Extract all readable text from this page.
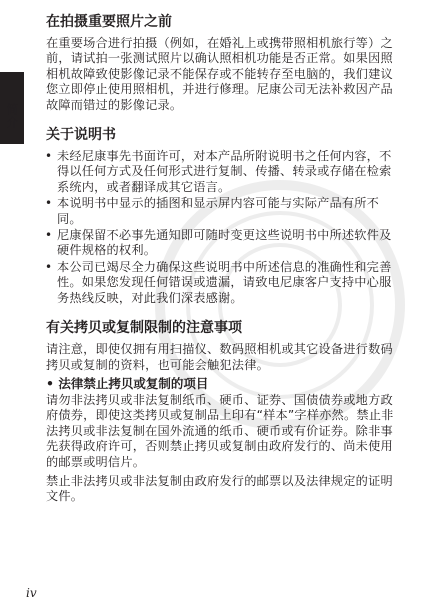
简介
在拍摄重要照片之前

在重要场合进行拍摄（例如，在婚礼上或携带照相机旅行等）之前，请试拍一张测试照片以确认照相机功能是否正常。如果因照相机故障致使影像记录不能保存或不能转存至电脑的，我们建议您立即停止使用照相机，并进行修理。尼康公司无法补救因产品故障而错过的影像记录。

关于说明书
• 未经尼康事先书面许可，对本产品所附说明书之任何内容，不得以任何方式及任何形式进行复制、传播、转录或存储在检索系统内，或者翻译成其它语言。
• 本说明书中显示的插图和显示屏内容可能与实际产品有所不同。
• 尼康保留不必事先通知即可随时变更这些说明书中所述软件及硬件规格的权利。
• 本公司已竭尽全力确保这些说明书中所述信息的准确性和完善性。如果您发现任何错误或遗漏，请致电尼康客户支持中心服务热线反映，对此我们深表感谢。
有关拷贝或复制限制的注意事项

请注意，即使仅拥有用扫描仪、数码照相机或其它设备进行数码拷贝或复制的资料，也可能会触犯法律。

• 法律禁止拷贝或复制的项目

请勿非法拷贝或非法复制纸币、硬币、证券、国债债券或地方政府债券，即使这类拷贝或复制品上印有“样本”字样亦然。禁止非法拷贝或非法复制在国外流通的纸币、硬币或有价证券。除非事先获得政府许可，否则禁止拷贝或复制由政府发行的、尚未使用的邮票或明信片。

禁止非法拷贝或非法复制由政府发行的邮票以及法律规定的证明文件。

iv
